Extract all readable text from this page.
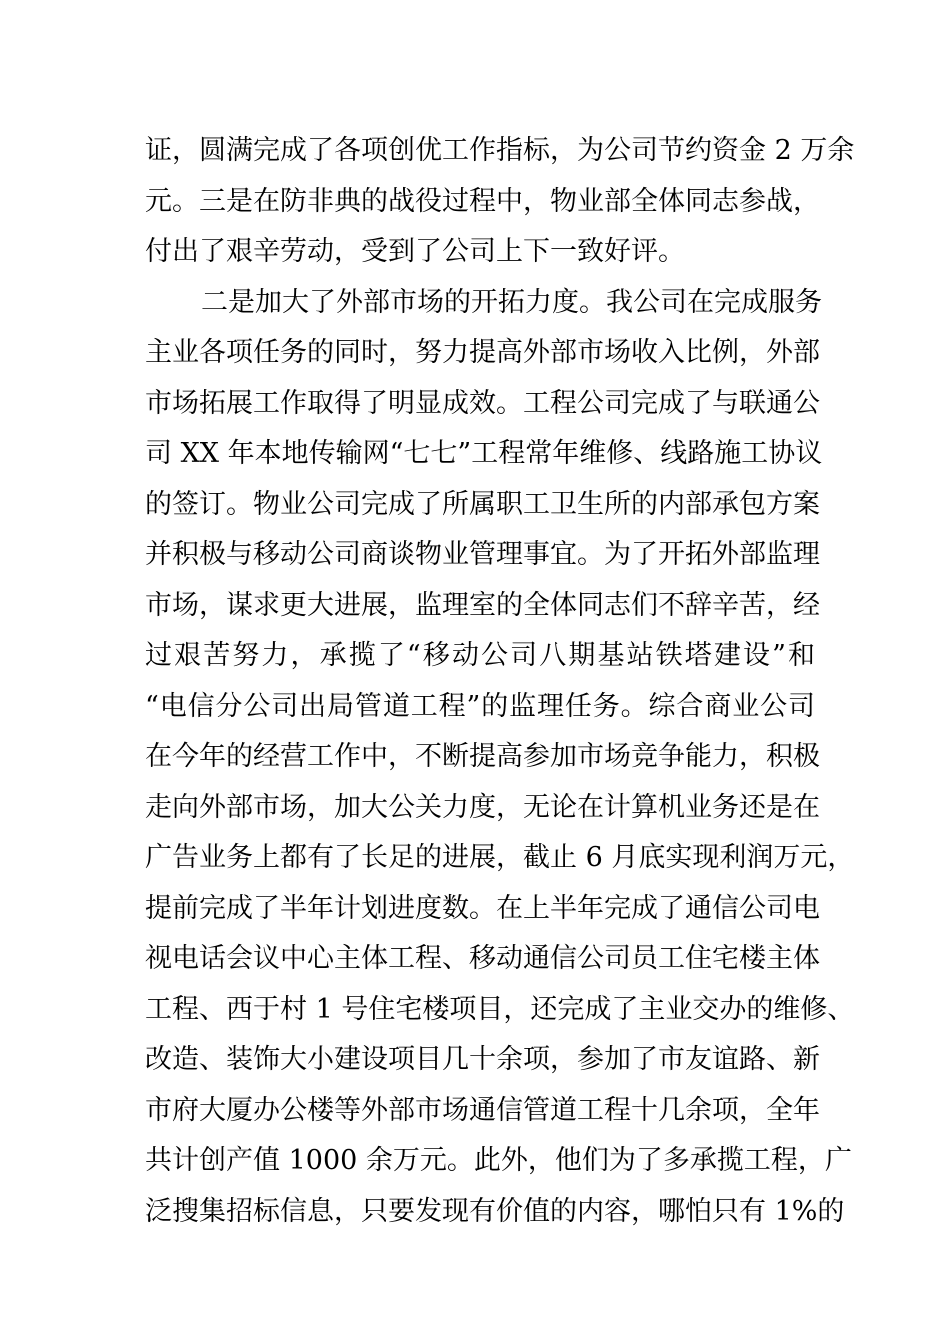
证，圆满完成了各项创优工作指标，为公司节约资金 2 万余
元。三是在防非典的战役过程中，物业部全体同志参战，
付出了艰辛劳动，受到了公司上下一致好评。
二是加大了外部市场的开拓力度。我公司在完成服务
主业各项任务的同时，努力提高外部市场收入比例，外部
市场拓展工作取得了明显成效。工程公司完成了与联通公
司 XX 年本地传输网“七七”工程常年维修、线路施工协议
的签订。物业公司完成了所属职工卫生所的内部承包方案
并积极与移动公司商谈物业管理事宜。为了开拓外部监理
市场，谋求更大进展，监理室的全体同志们不辞辛苦，经
过艰苦努力，承揽了“移动公司八期基站铁塔建设”和
“电信分公司出局管道工程”的监理任务。综合商业公司
在今年的经营工作中，不断提高参加市场竞争能力，积极
走向外部市场，加大公关力度，无论在计算机业务还是在
广告业务上都有了长足的进展，截止 6 月底实现利润万元，
提前完成了半年计划进度数。在上半年完成了通信公司电
视电话会议中心主体工程、移动通信公司员工住宅楼主体
工程、西于村 1 号住宅楼项目，还完成了主业交办的维修、
改造、装饰大小建设项目几十余项，参加了市友谊路、新
市府大厦办公楼等外部市场通信管道工程十几余项，全年
共计创产值 1000 余万元。此外，他们为了多承揽工程，广
泛搜集招标信息，只要发现有价值的内容，哪怕只有 1%的
